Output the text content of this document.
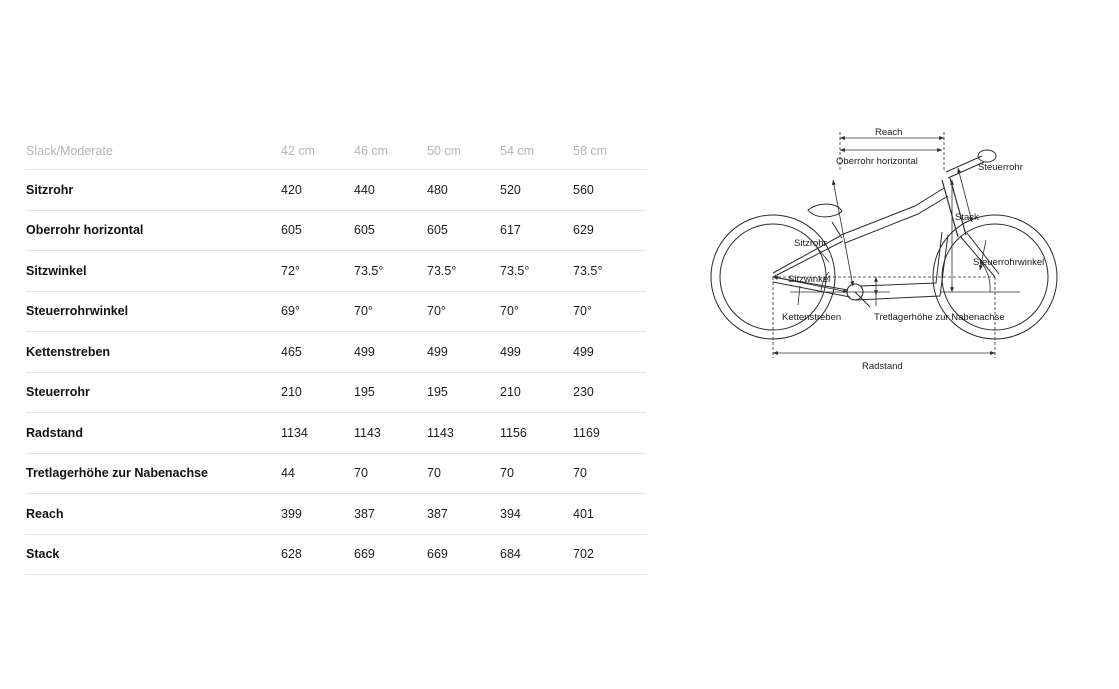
Slack/Moderate	42 cm	46 cm	50 cm	54 cm	58 cm
Sitzrohr	420	440	480	520	560
Oberrohr horizontal	605	605	605	617	629
Sitzwinkel	72°	73.5°	73.5°	73.5°	73.5°
Steuerrohrwinkel	69°	70°	70°	70°	70°
Kettenstreben	465	499	499	499	499
Steuerrohr	210	195	195	210	230
Radstand	1134	1143	1143	1156	1169
Tretlagerhöhe zur Nabenachse	44	70	70	70	70
Reach	399	387	387	394	401
Stack	628	669	669	684	702
Reach
Oberrohr horizontal
Steuerrohr
Stack
Sitzrohr
Sitzwinkel
Steuerrohrwinkel
Kettenstreben	Tretlagerhöhe zur Nabenachse
Radstand
